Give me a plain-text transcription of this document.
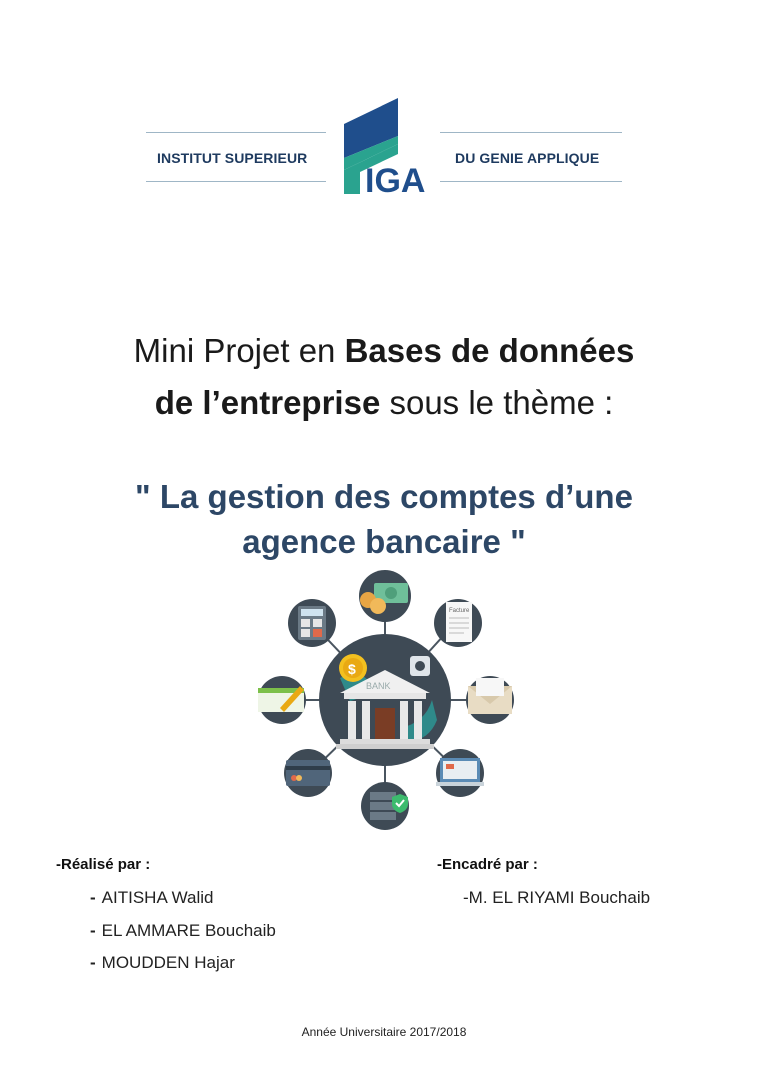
INSTITUT SUPERIEUR	DU GENIE APPLIQUE
IGA
Mini Projet en Bases de données
de l’entreprise sous le thème :
" La gestion des comptes d’une
agence bancaire "
$
BANK
Facture
-Réalisé par :
- AITISHA Walid
- EL AMMARE Bouchaib
- MOUDDEN Hajar
-Encadré par :
-M. EL RIYAMI Bouchaib
Année Universitaire 2017/2018
